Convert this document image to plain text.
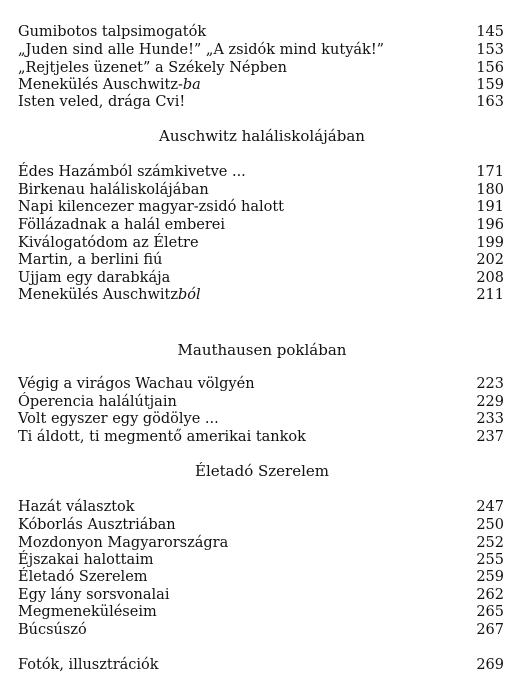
Gumibotos talpsimogatók	145
„Juden sind alle Hunde!” „A zsidók mind kutyák!”	153
„Rejtjeles üzenet” a Székely Népben	156
Menekülés Auschwitz-ba	159
Isten veled, drága Cvi!	163
Auschwitz haláliskolájában
Édes Hazámból számkivetve ...	171
Birkenau haláliskolájában	180
Napi kilencezer magyar-zsidó halott	191
Föllázadnak a halál emberei	196
Kiválogatódom az Életre	199
Martin, a berlini fiú	202
Ujjam egy darabkája	208
Menekülés Auschwitzból	211
Mauthausen poklában
Végig a virágos Wachau völgyén	223
Óperencia halálútjain	229
Volt egyszer egy gödölye ...	233
Ti áldott, ti megmentő amerikai tankok	237
Életadó Szerelem
Hazát választok	247
Kóborlás Ausztriában	250
Mozdonyon Magyarországra	252
Éjszakai halottaim	255
Életadó Szerelem	259
Egy lány sorsvonalai	262
Megmeneküléseim	265
Búcsúszó	267
Fotók, illusztrációk	269
